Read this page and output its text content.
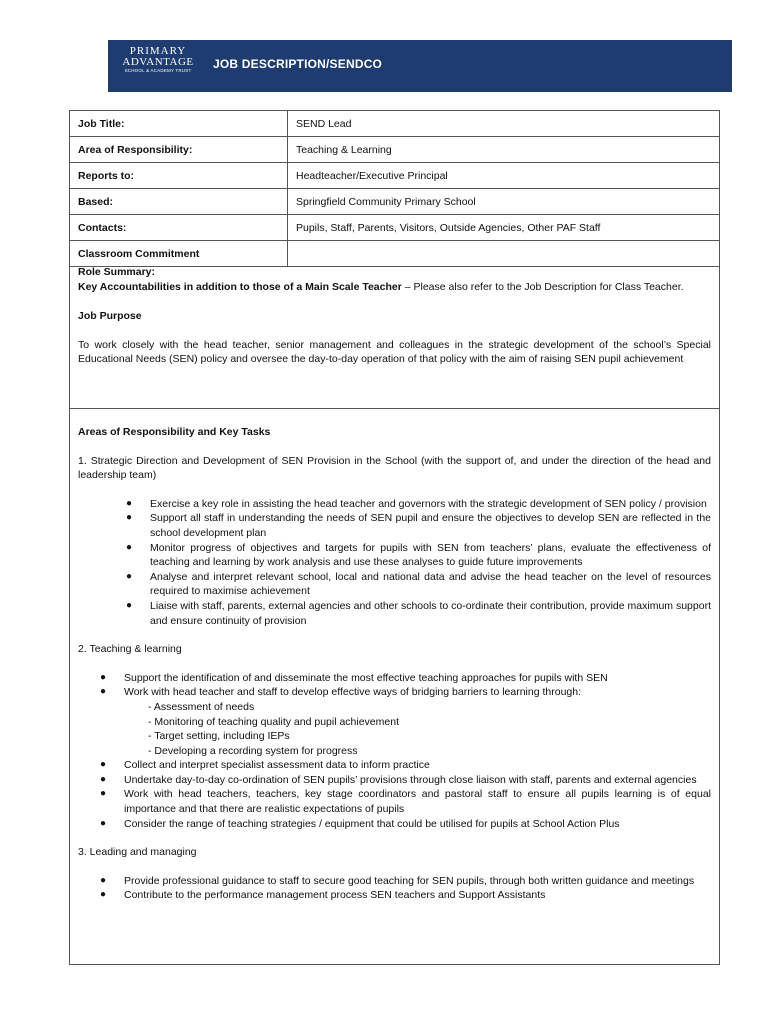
PRIMARY
ADVANTAGE
SCHOOL & ACADEMY TRUST	JOB DESCRIPTION/SENDCO
Job Title:	SEND Lead
Area of Responsibility:	Teaching & Learning
Reports to:	Headteacher/Executive Principal
Based:	Springfield Community Primary School
Contacts:	Pupils, Staff, Parents, Visitors, Outside Agencies, Other PAF Staff
Classroom Commitment	

Role Summary:

Key Accountabilities in addition to those of a Main Scale Teacher – Please also refer to the Job Description for Class Teacher.

Job Purpose

To work closely with the head teacher, senior management and colleagues in the strategic development of the school’s Special Educational Needs (SEN) policy and oversee the day-to-day operation of that policy with the aim of raising SEN pupil achievement

Areas of Responsibility and Key Tasks

1. Strategic Direction and Development of SEN Provision in the School (with the support of, and under the direction of the head and leadership team)

● Exercise a key role in assisting the head teacher and governors with the strategic development of SEN policy / provision
● Support all staff in understanding the needs of SEN pupil and ensure the objectives to develop SEN are reflected in the school development plan
● Monitor progress of objectives and targets for pupils with SEN from teachers’ plans, evaluate the effectiveness of teaching and learning by work analysis and use these analyses to guide future improvements
● Analyse and interpret relevant school, local and national data and advise the head teacher on the level of resources required to maximise achievement
● Liaise with staff, parents, external agencies and other schools to co-ordinate their contribution, provide maximum support and ensure continuity of provision

2. Teaching & learning

● Support the identification of and disseminate the most effective teaching approaches for pupils with SEN
● Work with head teacher and staff to develop effective ways of bridging barriers to learning through:
- Assessment of needs
- Monitoring of teaching quality and pupil achievement
- Target setting, including IEPs
- Developing a recording system for progress
● Collect and interpret specialist assessment data to inform practice
● Undertake day-to-day co-ordination of SEN pupils’ provisions through close liaison with staff, parents and external agencies
● Work with head teachers, teachers, key stage coordinators and pastoral staff to ensure all pupils learning is of equal importance and that there are realistic expectations of pupils
● Consider the range of teaching strategies / equipment that could be utilised for pupils at School Action Plus

3. Leading and managing

● Provide professional guidance to staff to secure good teaching for SEN pupils, through both written guidance and meetings
● Contribute to the performance management process SEN teachers and Support Assistants
